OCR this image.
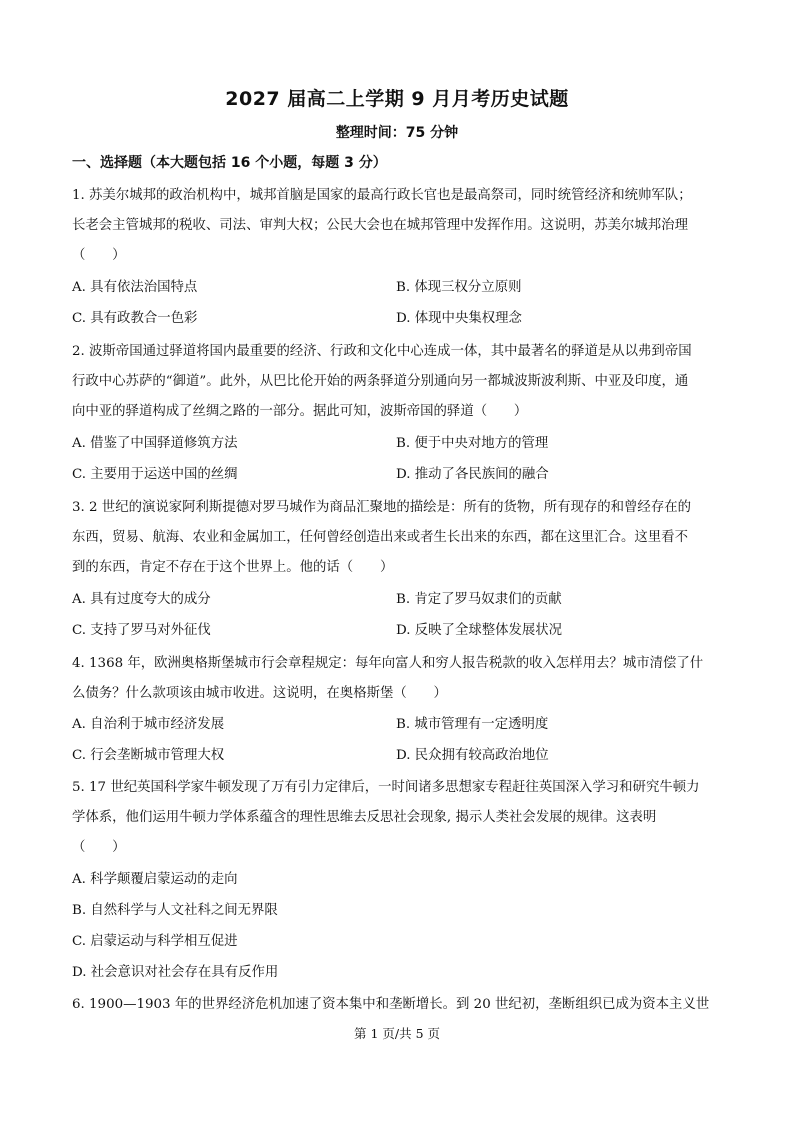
2027 届高二上学期 9 月月考历史试题
整理时间：75 分钟
一、选择题（本大题包括 16 个小题，每题 3 分）
1. 苏美尔城邦的政治机构中，城邦首脑是国家的最高行政长官也是最高祭司，同时统管经济和统帅军队；
长老会主管城邦的税收、司法、审判大权；公民大会也在城邦管理中发挥作用。这说明，苏美尔城邦治理
（　　）
A. 具有依法治国特点	B. 体现三权分立原则
C. 具有政教合一色彩	D. 体现中央集权理念
2. 波斯帝国通过驿道将国内最重要的经济、行政和文化中心连成一体，其中最著名的驿道是从以弗到帝国
行政中心苏萨的“御道”。此外，从巴比伦开始的两条驿道分别通向另一都城波斯波利斯、中亚及印度，通
向中亚的驿道构成了丝绸之路的一部分。据此可知，波斯帝国的驿道（　　）
A. 借鉴了中国驿道修筑方法	B. 便于中央对地方的管理
C. 主要用于运送中国的丝绸	D. 推动了各民族间的融合
3. 2 世纪的演说家阿利斯提德对罗马城作为商品汇聚地的描绘是：所有的货物，所有现存的和曾经存在的
东西，贸易、航海、农业和金属加工，任何曾经创造出来或者生长出来的东西，都在这里汇合。这里看不
到的东西，肯定不存在于这个世界上。他的话（　　）
A. 具有过度夸大的成分	B. 肯定了罗马奴隶们的贡献
C. 支持了罗马对外征伐	D. 反映了全球整体发展状况
4. 1368 年，欧洲奥格斯堡城市行会章程规定：每年向富人和穷人报告税款的收入怎样用去？城市清偿了什
么债务？什么款项该由城市收进。这说明，在奥格斯堡（　　）
A. 自治利于城市经济发展	B. 城市管理有一定透明度
C. 行会垄断城市管理大权	D. 民众拥有较高政治地位
5. 17 世纪英国科学家牛顿发现了万有引力定律后，一时间诸多思想家专程赶往英国深入学习和研究牛顿力
学体系，他们运用牛顿力学体系蕴含的理性思维去反思社会现象, 揭示人类社会发展的规律。这表明
（　　）
A. 科学颠覆启蒙运动的走向
B. 自然科学与人文社科之间无界限
C. 启蒙运动与科学相互促进
D. 社会意识对社会存在具有反作用
6. 1900—1903 年的世界经济危机加速了资本集中和垄断增长。到 20 世纪初，垄断组织已成为资本主义世
第 1 页/共 5 页
